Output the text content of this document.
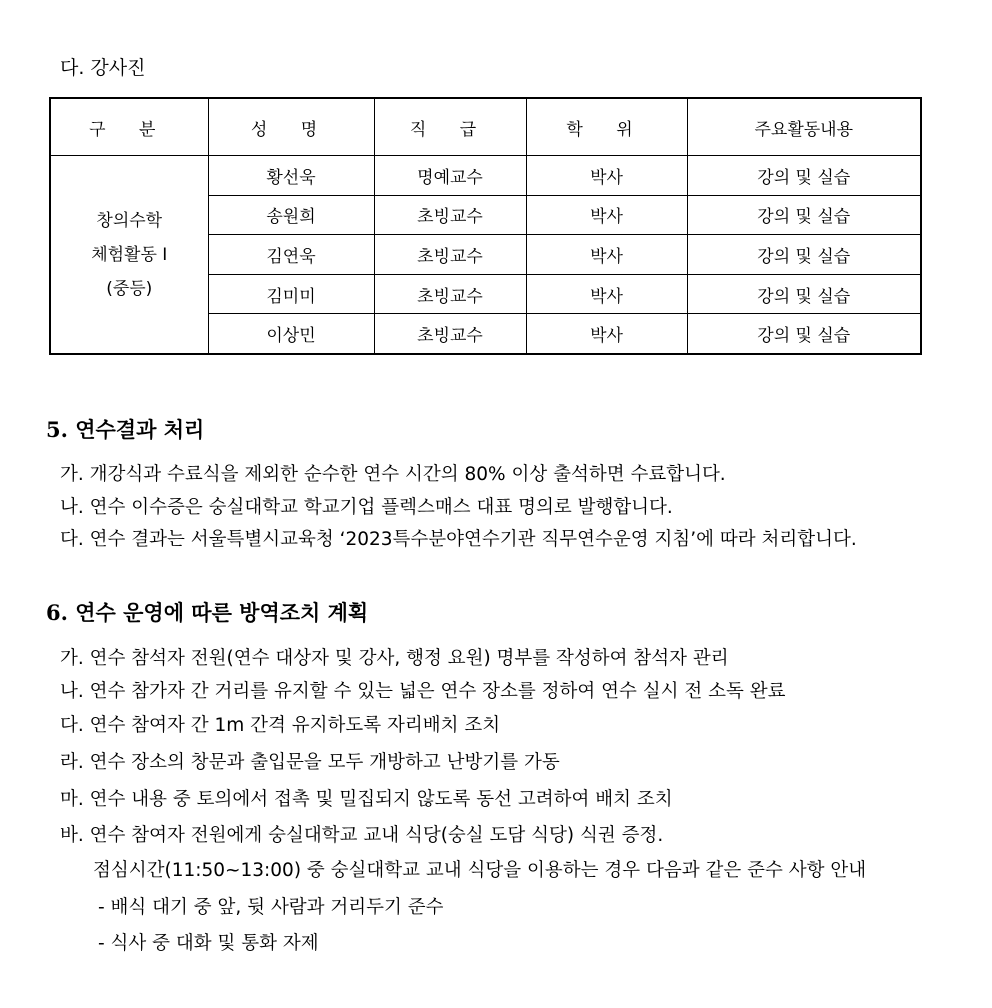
다. 강사진
구 분	성 명	직 급	학 위	주요활동내용

창의수학
체험활동 Ⅰ
(중등)	황선욱	명예교수	박사	강의 및 실습
	송원희	초빙교수	박사	강의 및 실습
	김연욱	초빙교수	박사	강의 및 실습
	김미미	초빙교수	박사	강의 및 실습
	이상민	초빙교수	박사	강의 및 실습
5. 연수결과 처리
가. 개강식과 수료식을 제외한 순수한 연수 시간의 80% 이상 출석하면 수료합니다.
나. 연수 이수증은 숭실대학교 학교기업 플렉스매스 대표 명의로 발행합니다.
다. 연수 결과는 서울특별시교육청 ‘2023특수분야연수기관 직무연수운영 지침’에 따라 처리합니다.
6. 연수 운영에 따른 방역조치 계획
가. 연수 참석자 전원(연수 대상자 및 강사, 행정 요원) 명부를 작성하여 참석자 관리
나. 연수 참가자 간 거리를 유지할 수 있는 넓은 연수 장소를 정하여 연수 실시 전 소독 완료
다. 연수 참여자 간 1m 간격 유지하도록 자리배치 조치
라. 연수 장소의 창문과 출입문을 모두 개방하고 난방기를 가동
마. 연수 내용 중 토의에서 접촉 및 밀집되지 않도록 동선 고려하여 배치 조치
바. 연수 참여자 전원에게 숭실대학교 교내 식당(숭실 도담 식당) 식권 증정.
점심시간(11:50~13:00) 중 숭실대학교 교내 식당을 이용하는 경우 다음과 같은 준수 사항 안내
- 배식 대기 중 앞, 뒷 사람과 거리두기 준수
- 식사 중 대화 및 통화 자제
